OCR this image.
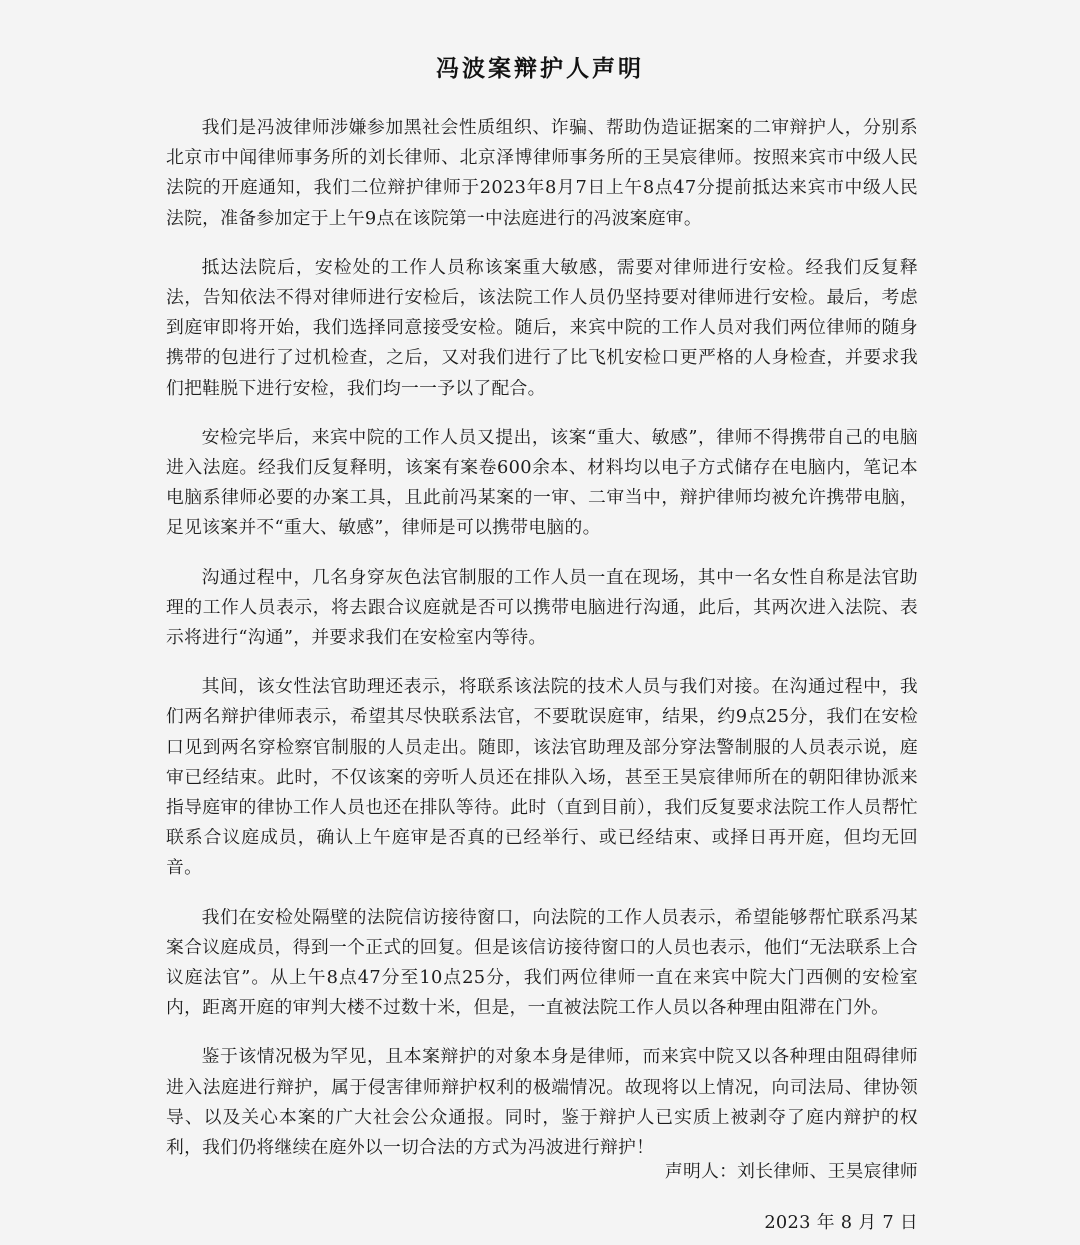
冯波案辩护人声明

我们是冯波律师涉嫌参加黑社会性质组织、诈骗、帮助伪造证据案的二审辩护人，分别系北京市中闻律师事务所的刘长律师、北京泽博律师事务所的王昊宸律师。按照来宾市中级人民法院的开庭通知，我们二位辩护律师于2023年8月7日上午8点47分提前抵达来宾市中级人民法院，准备参加定于上午9点在该院第一中法庭进行的冯波案庭审。

抵达法院后，安检处的工作人员称该案重大敏感，需要对律师进行安检。经我们反复释法，告知依法不得对律师进行安检后，该法院工作人员仍坚持要对律师进行安检。最后，考虑到庭审即将开始，我们选择同意接受安检。随后，来宾中院的工作人员对我们两位律师的随身携带的包进行了过机检查，之后，又对我们进行了比飞机安检口更严格的人身检查，并要求我们把鞋脱下进行安检，我们均一一予以了配合。

安检完毕后，来宾中院的工作人员又提出，该案“重大、敏感”，律师不得携带自己的电脑进入法庭。经我们反复释明，该案有案卷600余本、材料均以电子方式储存在电脑内，笔记本电脑系律师必要的办案工具，且此前冯某案的一审、二审当中，辩护律师均被允许携带电脑，足见该案并不“重大、敏感”，律师是可以携带电脑的。

沟通过程中，几名身穿灰色法官制服的工作人员一直在现场，其中一名女性自称是法官助理的工作人员表示，将去跟合议庭就是否可以携带电脑进行沟通，此后，其两次进入法院、表示将进行“沟通”，并要求我们在安检室内等待。

其间，该女性法官助理还表示，将联系该法院的技术人员与我们对接。在沟通过程中，我们两名辩护律师表示，希望其尽快联系法官，不要耽误庭审，结果，约9点25分，我们在安检口见到两名穿检察官制服的人员走出。随即，该法官助理及部分穿法警制服的人员表示说，庭审已经结束。此时，不仅该案的旁听人员还在排队入场，甚至王昊宸律师所在的朝阳律协派来指导庭审的律协工作人员也还在排队等待。此时（直到目前），我们反复要求法院工作人员帮忙联系合议庭成员，确认上午庭审是否真的已经举行、或已经结束、或择日再开庭，但均无回音。

我们在安检处隔壁的法院信访接待窗口，向法院的工作人员表示，希望能够帮忙联系冯某案合议庭成员，得到一个正式的回复。但是该信访接待窗口的人员也表示，他们“无法联系上合议庭法官”。从上午8点47分至10点25分，我们两位律师一直在来宾中院大门西侧的安检室内，距离开庭的审判大楼不过数十米，但是，一直被法院工作人员以各种理由阻滞在门外。

鉴于该情况极为罕见，且本案辩护的对象本身是律师，而来宾中院又以各种理由阻碍律师进入法庭进行辩护，属于侵害律师辩护权利的极端情况。故现将以上情况，向司法局、律协领导、以及关心本案的广大社会公众通报。同时，鉴于辩护人已实质上被剥夺了庭内辩护的权利，我们仍将继续在庭外以一切合法的方式为冯波进行辩护！

声明人：刘长律师、王昊宸律师
2023 年 8 月 7 日
